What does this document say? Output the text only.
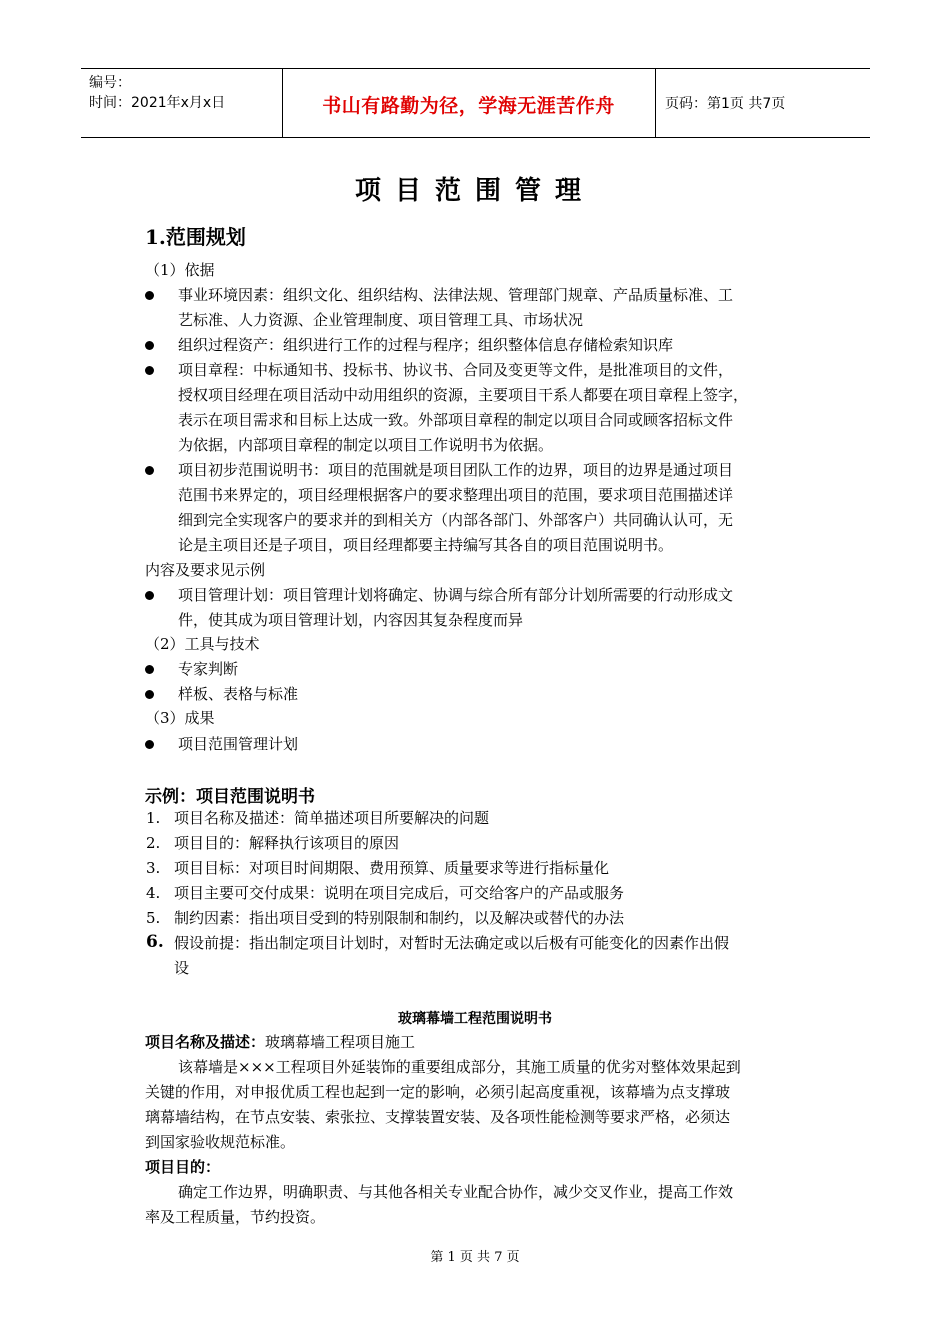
编号：
时间：2021年x月x日	书山有路勤为径，学海无涯苦作舟	页码：第1页 共7页
项目范围管理
1.范围规划
（1）依据
事业环境因素：组织文化、组织结构、法律法规、管理部门规章、产品质量标准、工
艺标准、人力资源、企业管理制度、项目管理工具、市场状况
组织过程资产：组织进行工作的过程与程序；组织整体信息存储检索知识库
项目章程：中标通知书、投标书、协议书、合同及变更等文件，是批准项目的文件，
授权项目经理在项目活动中动用组织的资源，主要项目干系人都要在项目章程上签字，
表示在项目需求和目标上达成一致。外部项目章程的制定以项目合同或顾客招标文件
为依据，内部项目章程的制定以项目工作说明书为依据。
项目初步范围说明书：项目的范围就是项目团队工作的边界，项目的边界是通过项目
范围书来界定的，项目经理根据客户的要求整理出项目的范围，要求项目范围描述详
细到完全实现客户的要求并的到相关方（内部各部门、外部客户）共同确认认可，无
论是主项目还是子项目，项目经理都要主持编写其各自的项目范围说明书。
内容及要求见示例
项目管理计划：项目管理计划将确定、协调与综合所有部分计划所需要的行动形成文
件，使其成为项目管理计划，内容因其复杂程度而异
（2）工具与技术
专家判断
样板、表格与标准
（3）成果
项目范围管理计划
示例：项目范围说明书
1. 项目名称及描述：简单描述项目所要解决的问题
2. 项目目的：解释执行该项目的原因
3. 项目目标：对项目时间期限、费用预算、质量要求等进行指标量化
4. 项目主要可交付成果：说明在项目完成后，可交给客户的产品或服务
5. 制约因素：指出项目受到的特别限制和制约，以及解决或替代的办法
6. 假设前提：指出制定项目计划时，对暂时无法确定或以后极有可能变化的因素作出假
设
玻璃幕墙工程范围说明书
项目名称及描述：玻璃幕墙工程项目施工
该幕墙是×××工程项目外延装饰的重要组成部分，其施工质量的优劣对整体效果起到
关键的作用，对申报优质工程也起到一定的影响，必须引起高度重视，该幕墙为点支撑玻
璃幕墙结构，在节点安装、索张拉、支撑装置安装、及各项性能检测等要求严格，必须达
到国家验收规范标准。
项目目的：
确定工作边界，明确职责、与其他各相关专业配合协作，减少交叉作业，提高工作效
率及工程质量，节约投资。
第 1 页 共 7 页
